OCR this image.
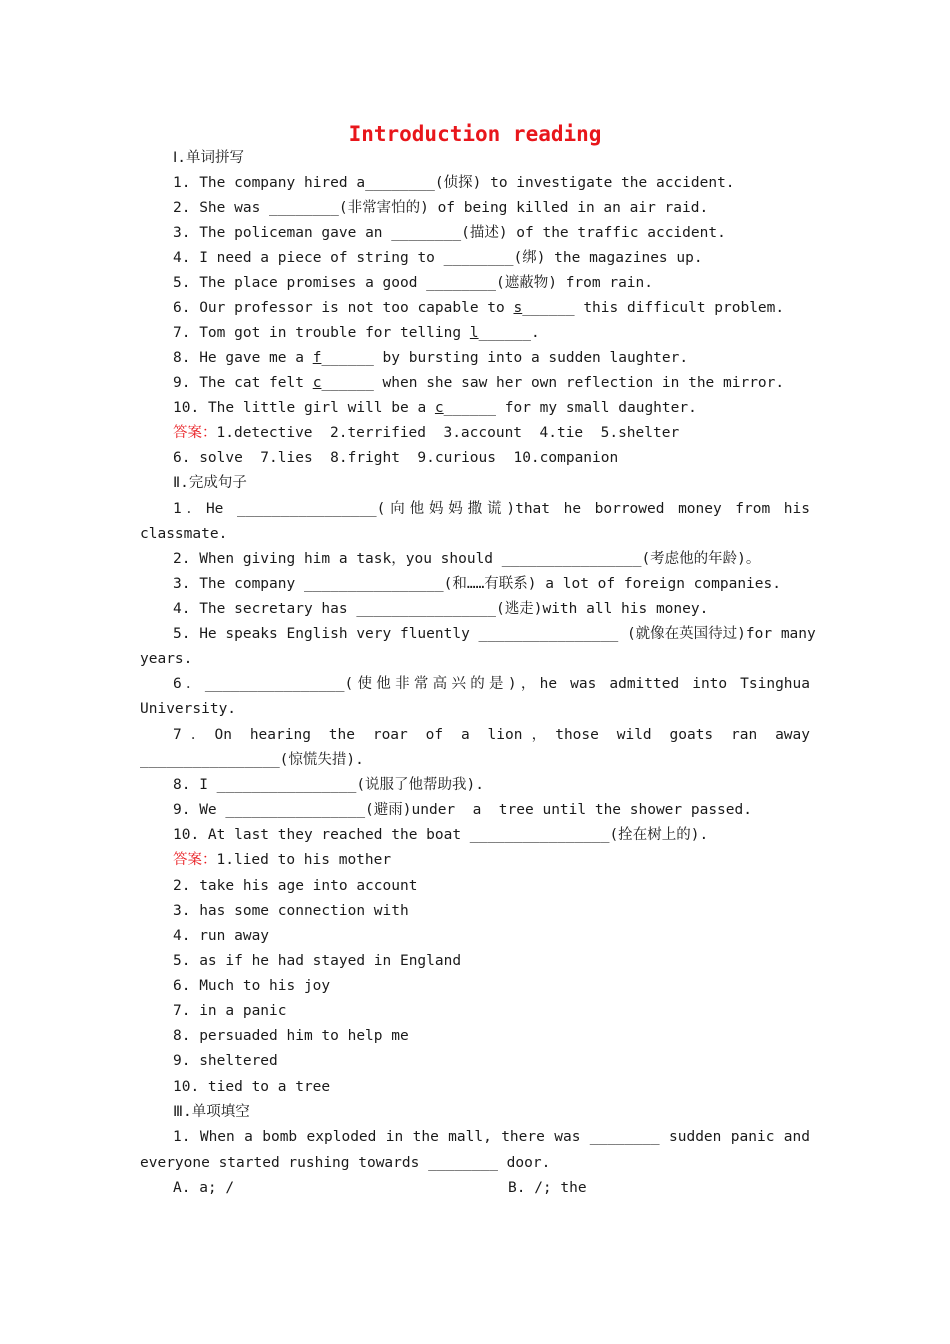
Introduction reading
Ⅰ.单词拼写
1. The company hired a________(侦探) to investigate the accident.
2. She was ________(非常害怕的) of being killed in an air raid.
3. The policeman gave an ________(描述) of the traffic accident.
4. I need a piece of string to ________(绑) the magazines up.
5. The place promises a good ________(遮蔽物) from rain.
6. Our professor is not too capable to s______ this difficult problem.
7. Tom got in trouble for telling l______.
8. He gave me a f______ by bursting into a sudden laughter.
9. The cat felt c______ when she saw her own reflection in the mirror.
10. The little girl will be a c______ for my small daughter.
答案：1.detective  2.terrified  3.account  4.tie  5.shelter
6. solve  7.lies  8.fright  9.curious  10.companion
Ⅱ.完成句子
1．He ________________(向他妈妈撒谎)that he borrowed money from his
classmate.
2. When giving him a task，you should ________________(考虑他的年龄)。
3. The company ________________(和……有联系) a lot of foreign companies.
4. The secretary has ________________(逃走)with all his money.
5. He speaks English very fluently ________________ (就像在英国待过)for many
years.
6．________________(使他非常高兴的是)，he was admitted into Tsinghua
University.
7．On hearing the roar of a lion，those wild goats ran away
________________(惊慌失措).
8. I ________________(说服了他帮助我).
9. We ________________(避雨)under  a  tree until the shower passed.
10. At last they reached the boat ________________(拴在树上的).
答案：1.lied to his mother
2. take his age into account
3. has some connection with
4. run away
5. as if he had stayed in England
6. Much to his joy
7. in a panic
8. persuaded him to help me
9. sheltered
10. tied to a tree
Ⅲ.单项填空
1. When a bomb exploded in the mall, there was ________ sudden panic and
everyone started rushing towards ________ door.
A. a; /	B. /; the
